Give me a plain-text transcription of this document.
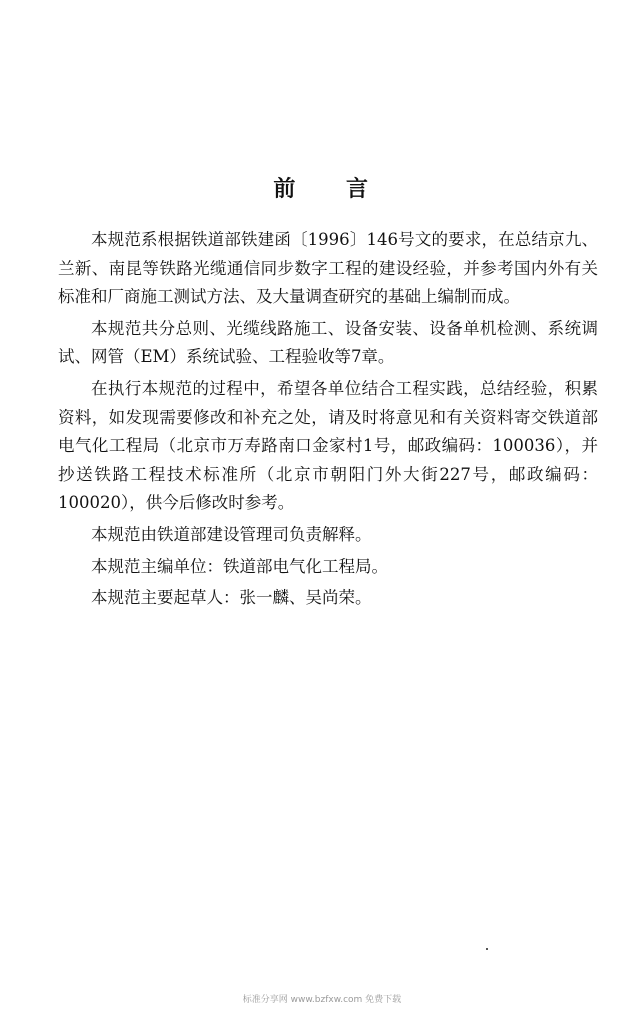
前 言

本规范系根据铁道部铁建函〔1996〕146号文的要求，在总结京九、兰新、南昆等铁路光缆通信同步数字工程的建设经验，并参考国内外有关标准和厂商施工测试方法、及大量调查研究的基础上编制而成。

本规范共分总则、光缆线路施工、设备安装、设备单机检测、系统调试、网管（EM）系统试验、工程验收等7章。

在执行本规范的过程中，希望各单位结合工程实践，总结经验，积累资料，如发现需要修改和补充之处，请及时将意见和有关资料寄交铁道部电气化工程局（北京市万寿路南口金家村1号，邮政编码：100036），并抄送铁路工程技术标准所（北京市朝阳门外大街227号，邮政编码：100020），供今后修改时参考。

本规范由铁道部建设管理司负责解释。

本规范主编单位：铁道部电气化工程局。

本规范主要起草人：张一麟、吴尚荣。

标准分享网 www.bzfxw.com 免费下载
